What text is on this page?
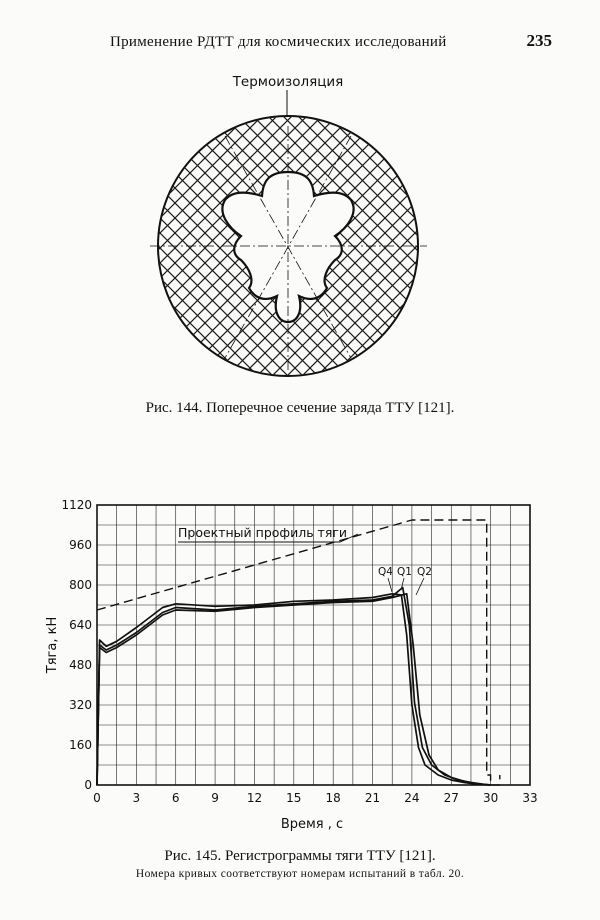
Применение РДТТ для космических исследований	235
Термоизоляция
Рис. 144. Поперечное сечение заряда ТТУ [121].
0
160
320
480
640
800
960
1120
0	3	6	9 12 15 18 21 24 27 30 33
Тяга, кН
Время , с
Проектный профиль тяги
Q4 Q1 Q2
Рис. 145. Регистрограммы тяги ТТУ [121].
Номера кривых соответствуют номерам испытаний в табл. 20.
